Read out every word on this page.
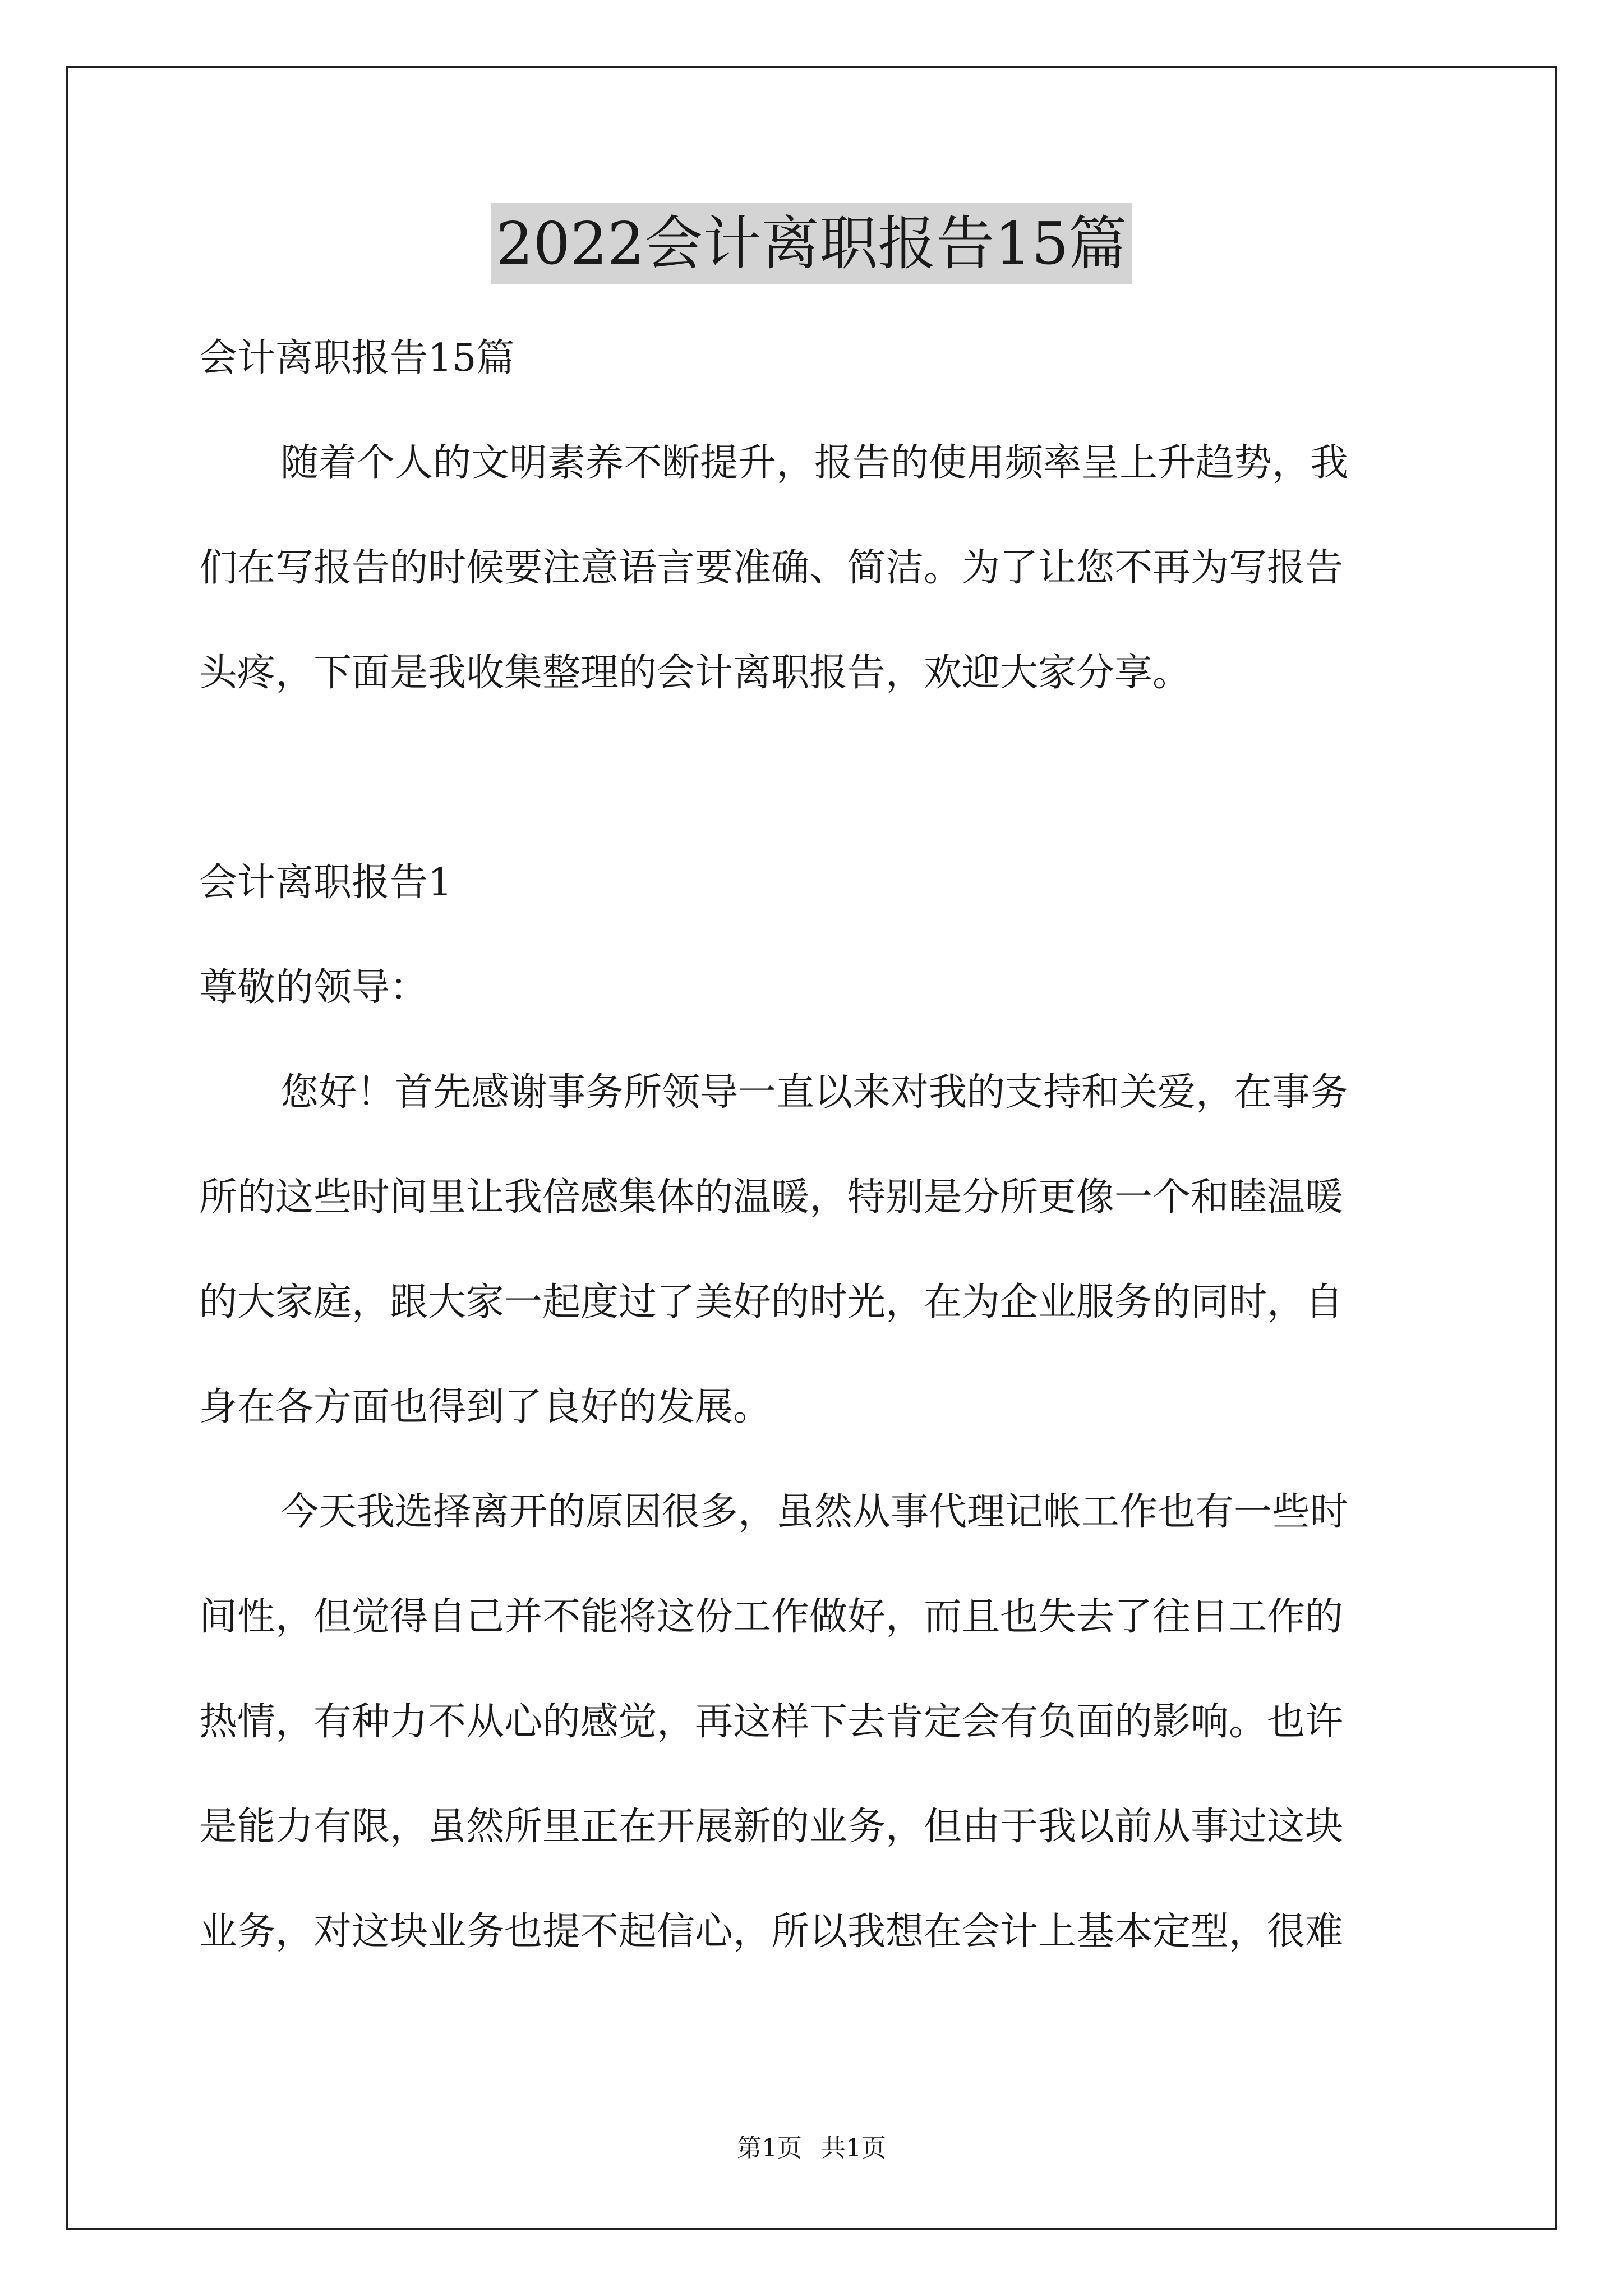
2022会计离职报告15篇
会计离职报告15篇
随着个人的文明素养不断提升，报告的使用频率呈上升趋势，我
们在写报告的时候要注意语言要准确、简洁。为了让您不再为写报告
头疼，下面是我收集整理的会计离职报告，欢迎大家分享。
会计离职报告1
尊敬的领导：
您好！首先感谢事务所领导一直以来对我的支持和关爱，在事务
所的这些时间里让我倍感集体的温暖，特别是分所更像一个和睦温暖
的大家庭，跟大家一起度过了美好的时光，在为企业服务的同时，自
身在各方面也得到了良好的发展。
今天我选择离开的原因很多，虽然从事代理记帐工作也有一些时
间性，但觉得自己并不能将这份工作做好，而且也失去了往日工作的
热情，有种力不从心的感觉，再这样下去肯定会有负面的影响。也许
是能力有限，虽然所里正在开展新的业务，但由于我以前从事过这块
业务，对这块业务也提不起信心，所以我想在会计上基本定型，很难
第1页 共1页
